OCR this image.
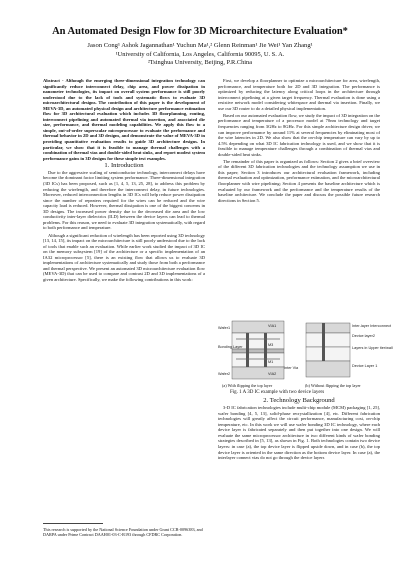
An Automated Design Flow for 3D Microarchitecture Evaluation*
Jason Cong¹ Ashok Jagannathan¹ Yuchun Ma¹,² Glenn Reinman¹ Jie Wei¹ Yan Zhang¹
¹University of California, Los Angeles, California 90095, U. S. A.
²Tsinghua University, Beijing, P.R.China

Abstract - Although the emerging three-dimensional integration technology can significantly reduce interconnect delay, chip area, and power dissipation in nanometer technologies, its impact on overall system performance is still poorly understood due to the lack of tools and systematic flows to evaluate 3D microarchitectural designs. The contribution of this paper is the development of MEVA-3D, an automated physical design and architecture performance estimation flow for 3D architectural evaluation which includes 3D floorplanning, routing, interconnect pipelining and automated thermal via insertion, and associated die size, performance, and thermal modeling capabilities. We apply this flow to a simple, out-of-order superscalar microprocessor to evaluate the performance and thermal behavior in 2D and 3D designs, and demonstrate the value of MEVA-3D in providing quantitative evaluation results to guide 3D architecture designs. In particular, we show that it is feasible to manage thermal challenges with a combination of thermal vias and double-sided heat sinks, and report modest system performance gains in 3D designs for these simple test examples.

1. Introduction

Due to the aggressive scaling of semiconductor technology, interconnect delays have become the dominant factor limiting system performance. Three-dimensional integration (3D ICs) has been proposed, such as [1, 4, 5, 13, 25, 28], to address this problem by reducing the wirelength, and therefore the interconnect delay, in future technologies. Moreover, reduced interconnection lengths in 3D ICs will help reduce power dissipation since the number of repeaters required for the wires can be reduced and the wire capacity load is reduced. However, thermal dissipation is one of the biggest concerns in 3D designs. The increased power density due to the decreased die area and the low conductivity inter-layer dielectrics (ILD) between the device layers can lead to thermal problems. For this reason, we need to evaluate 3D integration systematically, with regard to both performance and temperature.

Although a significant reduction of wirelength has been reported using 3D technology [13, 14, 15], its impact on the microarchitecture is still poorly understood due to the lack of tools that enable such an evaluation. While earlier work studied the impact of 3D IC on the memory subsystem [19] of the architecture or a specific implementation of an IA32 microprocessor [5], there is an existing flow that allows us to evaluate 3D implementations of architecture systematically and study those from both a performance and thermal perspective. We present an automated 3D microarchitecture evaluation flow (MEVA-3D) that can be used to compare and contrast 2D and 3D implementations of a given architecture. Specifically, we make the following contributions in this work:

This research is supported by the National Science Foundation under Grant CCR-0096383, and DARPA under Prime Contract DAAH01-03-C-R193 through CFDRC Corporation.

First, we develop a floorplanner to optimize a microarchitecture for area, wirelength, performance, and temperature both for 2D and 3D integration. The performance is optimized by reducing the latency along critical loops in the architecture through interconnect pipelining at a given target frequency. Thermal evaluation is done using a resistive network model considering whitespace and thermal via insertion. Finally, we use our 3D router to do a detailed physical implementation.

Based on our automated evaluation flow, we study the impact of 3D integration on the performance and temperature of a processor model at 70nm technology and target frequencies ranging from 3GHz to 8GHz. For this simple architecture design driver, we can improve performance by around 11% at several frequencies by eliminating most of the wire latencies in 2D. We also show that the on-chip temperature can vary by up to 4.5% depending on what 3D IC fabrication technology is used, and we show that it is feasible to manage temperature challenges through a combination of thermal vias and double-sided heat sinks.

The remainder of this paper is organized as follows: Section 2 gives a brief overview of the different 3D fabrication technologies and the technology assumption we use in this paper; Section 3 introduces our architectural evaluation framework, including thermal evaluation and optimization, performance estimation, and the microarchitectural floorplanner with wire pipelining; Section 4 presents the baseline architecture which is evaluated by our framework and the performance and the temperature results of the baseline architecture. We conclude the paper and discuss the possible future research directions in Section 5.

Wafer1
Bonding Layer
Wafer2
VIA1
M3
M1
VIA2
Inter-layer Interconnect
Device layer2
Layers in Upper tier/wall
Device Layer 1
Inter Via
(a) With flipping the top layer	(b) Without flipping the top layer
Fig. 1 A 3D IC example with two device layers

2. Technology Background

3-D IC fabrication technologies include multi-chip module (MCM) packaging [1, 25], wafer bonding [4, 5, 13], solid-phase recrystallization [4], etc. Different fabrication technologies will greatly affect the circuit performance, manufacturing cost, on-chip temperature, etc. In this work we will use wafer bonding 3D IC technology, where each device layer is fabricated separately and then put together into one design. We will evaluate the same microprocessor architecture in two different kinds of wafer bonding strategies described in [5, 13], as shown in Fig. 1. Both technologies contain two device layers: in case (a), the top device layer is flipped upside down, and in case (b), the top device layer is oriented in the same direction as the bottom device layer. In case (a), the interlayer connect vias do not go through the device layers
